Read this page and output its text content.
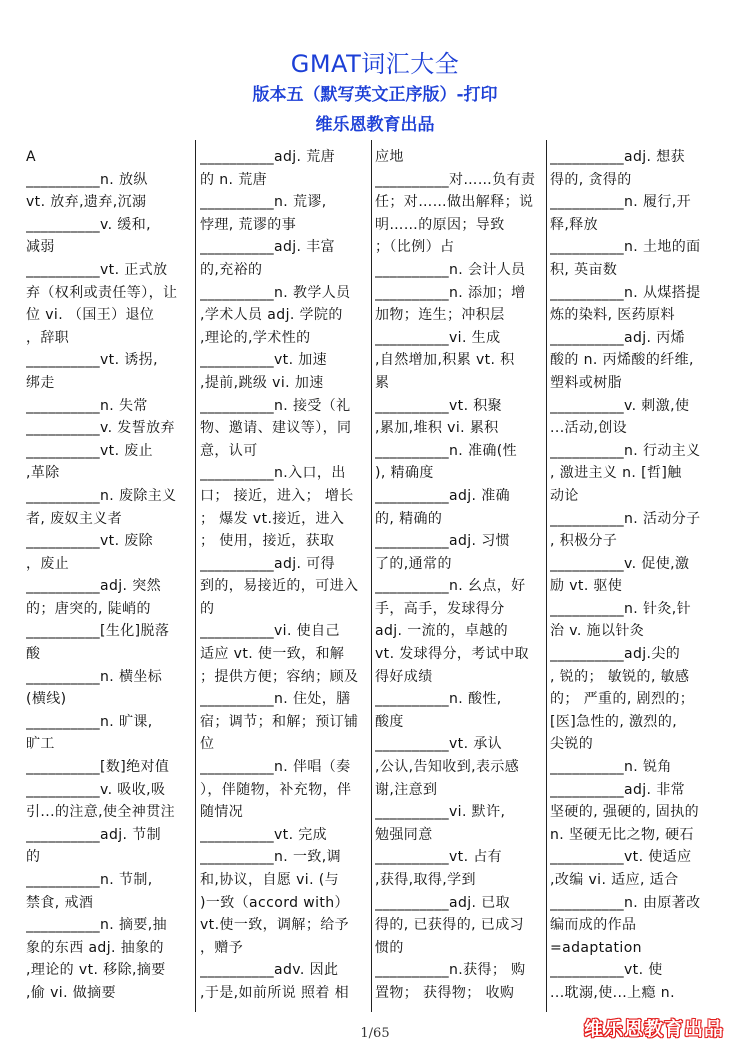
GMAT词汇大全
版本五（默写英文正序版）-打印
维乐恩教育出品
A
__________n. 放纵
vt. 放弃,遗弃,沉溺
__________v. 缓和,
减弱
__________vt. 正式放
弃（权利或责任等），让
位 vi. （国王）退位
，辞职
__________vt. 诱拐,
绑走
__________n. 失常
__________v. 发誓放弃
__________vt. 废止
,革除
__________n. 废除主义
者, 废奴主义者
__________vt. 废除
，废止
__________adj. 突然
的；唐突的, 陡峭的
__________[生化]脱落
酸
__________n. 横坐标
(横线)
__________n. 旷课,
旷工
__________[数]绝对值
__________v. 吸收,吸
引...的注意,使全神贯注
__________adj. 节制
的
__________n. 节制,
禁食, 戒酒
__________n. 摘要,抽
象的东西 adj. 抽象的
,理论的 vt. 移除,摘要
,偷 vi. 做摘要
__________adj. 荒唐
的 n. 荒唐
__________n. 荒谬,
悖理, 荒谬的事
__________adj. 丰富
的,充裕的
__________n. 教学人员
,学术人员 adj. 学院的
,理论的,学术性的
__________vt. 加速
,提前,跳级 vi. 加速
__________n. 接受（礼
物、邀请、建议等），同
意，认可
__________n.入口，出
口； 接近，进入； 增长
； 爆发 vt.接近，进入
； 使用，接近，获取
__________adj. 可得
到的，易接近的，可进入
的
__________vi. 使自己
适应 vt. 使一致，和解
；提供方便；容纳；顾及
__________n. 住处，膳
宿；调节；和解；预订铺
位
__________n. 伴唱（奏
），伴随物，补充物，伴
随情况
__________vt. 完成
__________n. 一致,调
和,协议，自愿 vi. (与
)一致（accord with）
vt.使一致，调解；给予
，赠予
__________adv. 因此
,于是,如前所说 照着 相
应地
__________对……负有责
任；对……做出解释；说
明……的原因；导致
；（比例）占
__________n. 会计人员
__________n. 添加；增
加物；连生；冲积层
__________vi. 生成
,自然增加,积累 vt. 积
累
__________vt. 积聚
,累加,堆积 vi. 累积
__________n. 准确(性
), 精确度
__________adj. 准确
的, 精确的
__________adj. 习惯
了的,通常的
__________n. 幺点，好
手，高手，发球得分
adj. 一流的，卓越的
vt. 发球得分，考试中取
得好成绩
__________n. 酸性,
酸度
__________vt. 承认
,公认,告知收到,表示感
谢,注意到
__________vi. 默许,
勉强同意
__________vt. 占有
,获得,取得,学到
__________adj. 已取
得的, 已获得的, 已成习
惯的
__________n.获得； 购
置物； 获得物； 收购
__________adj. 想获
得的, 贪得的
__________n. 履行,开
释,释放
__________n. 土地的面
积, 英亩数
__________n. 从煤搭提
炼的染料, 医药原料
__________adj. 丙烯
酸的 n. 丙烯酸的纤维,
塑料或树脂
__________v. 刺激,使
...活动,创设
__________n. 行动主义
, 激进主义 n. [哲]触
动论
__________n. 活动分子
, 积极分子
__________v. 促使,激
励 vt. 驱使
__________n. 针灸,针
治 v. 施以针灸
__________adj.尖的
, 锐的； 敏锐的, 敏感
的； 严重的, 剧烈的；
[医]急性的, 激烈的,
尖锐的
__________n. 锐角
__________adj. 非常
坚硬的, 强硬的, 固执的
n. 坚硬无比之物, 硬石
__________vt. 使适应
,改编 vi. 适应, 适合
__________n. 由原著改
编而成的作品
=adaptation
__________vt. 使
...耽溺,使...上瘾 n.
1/65	维乐恩教育出品
